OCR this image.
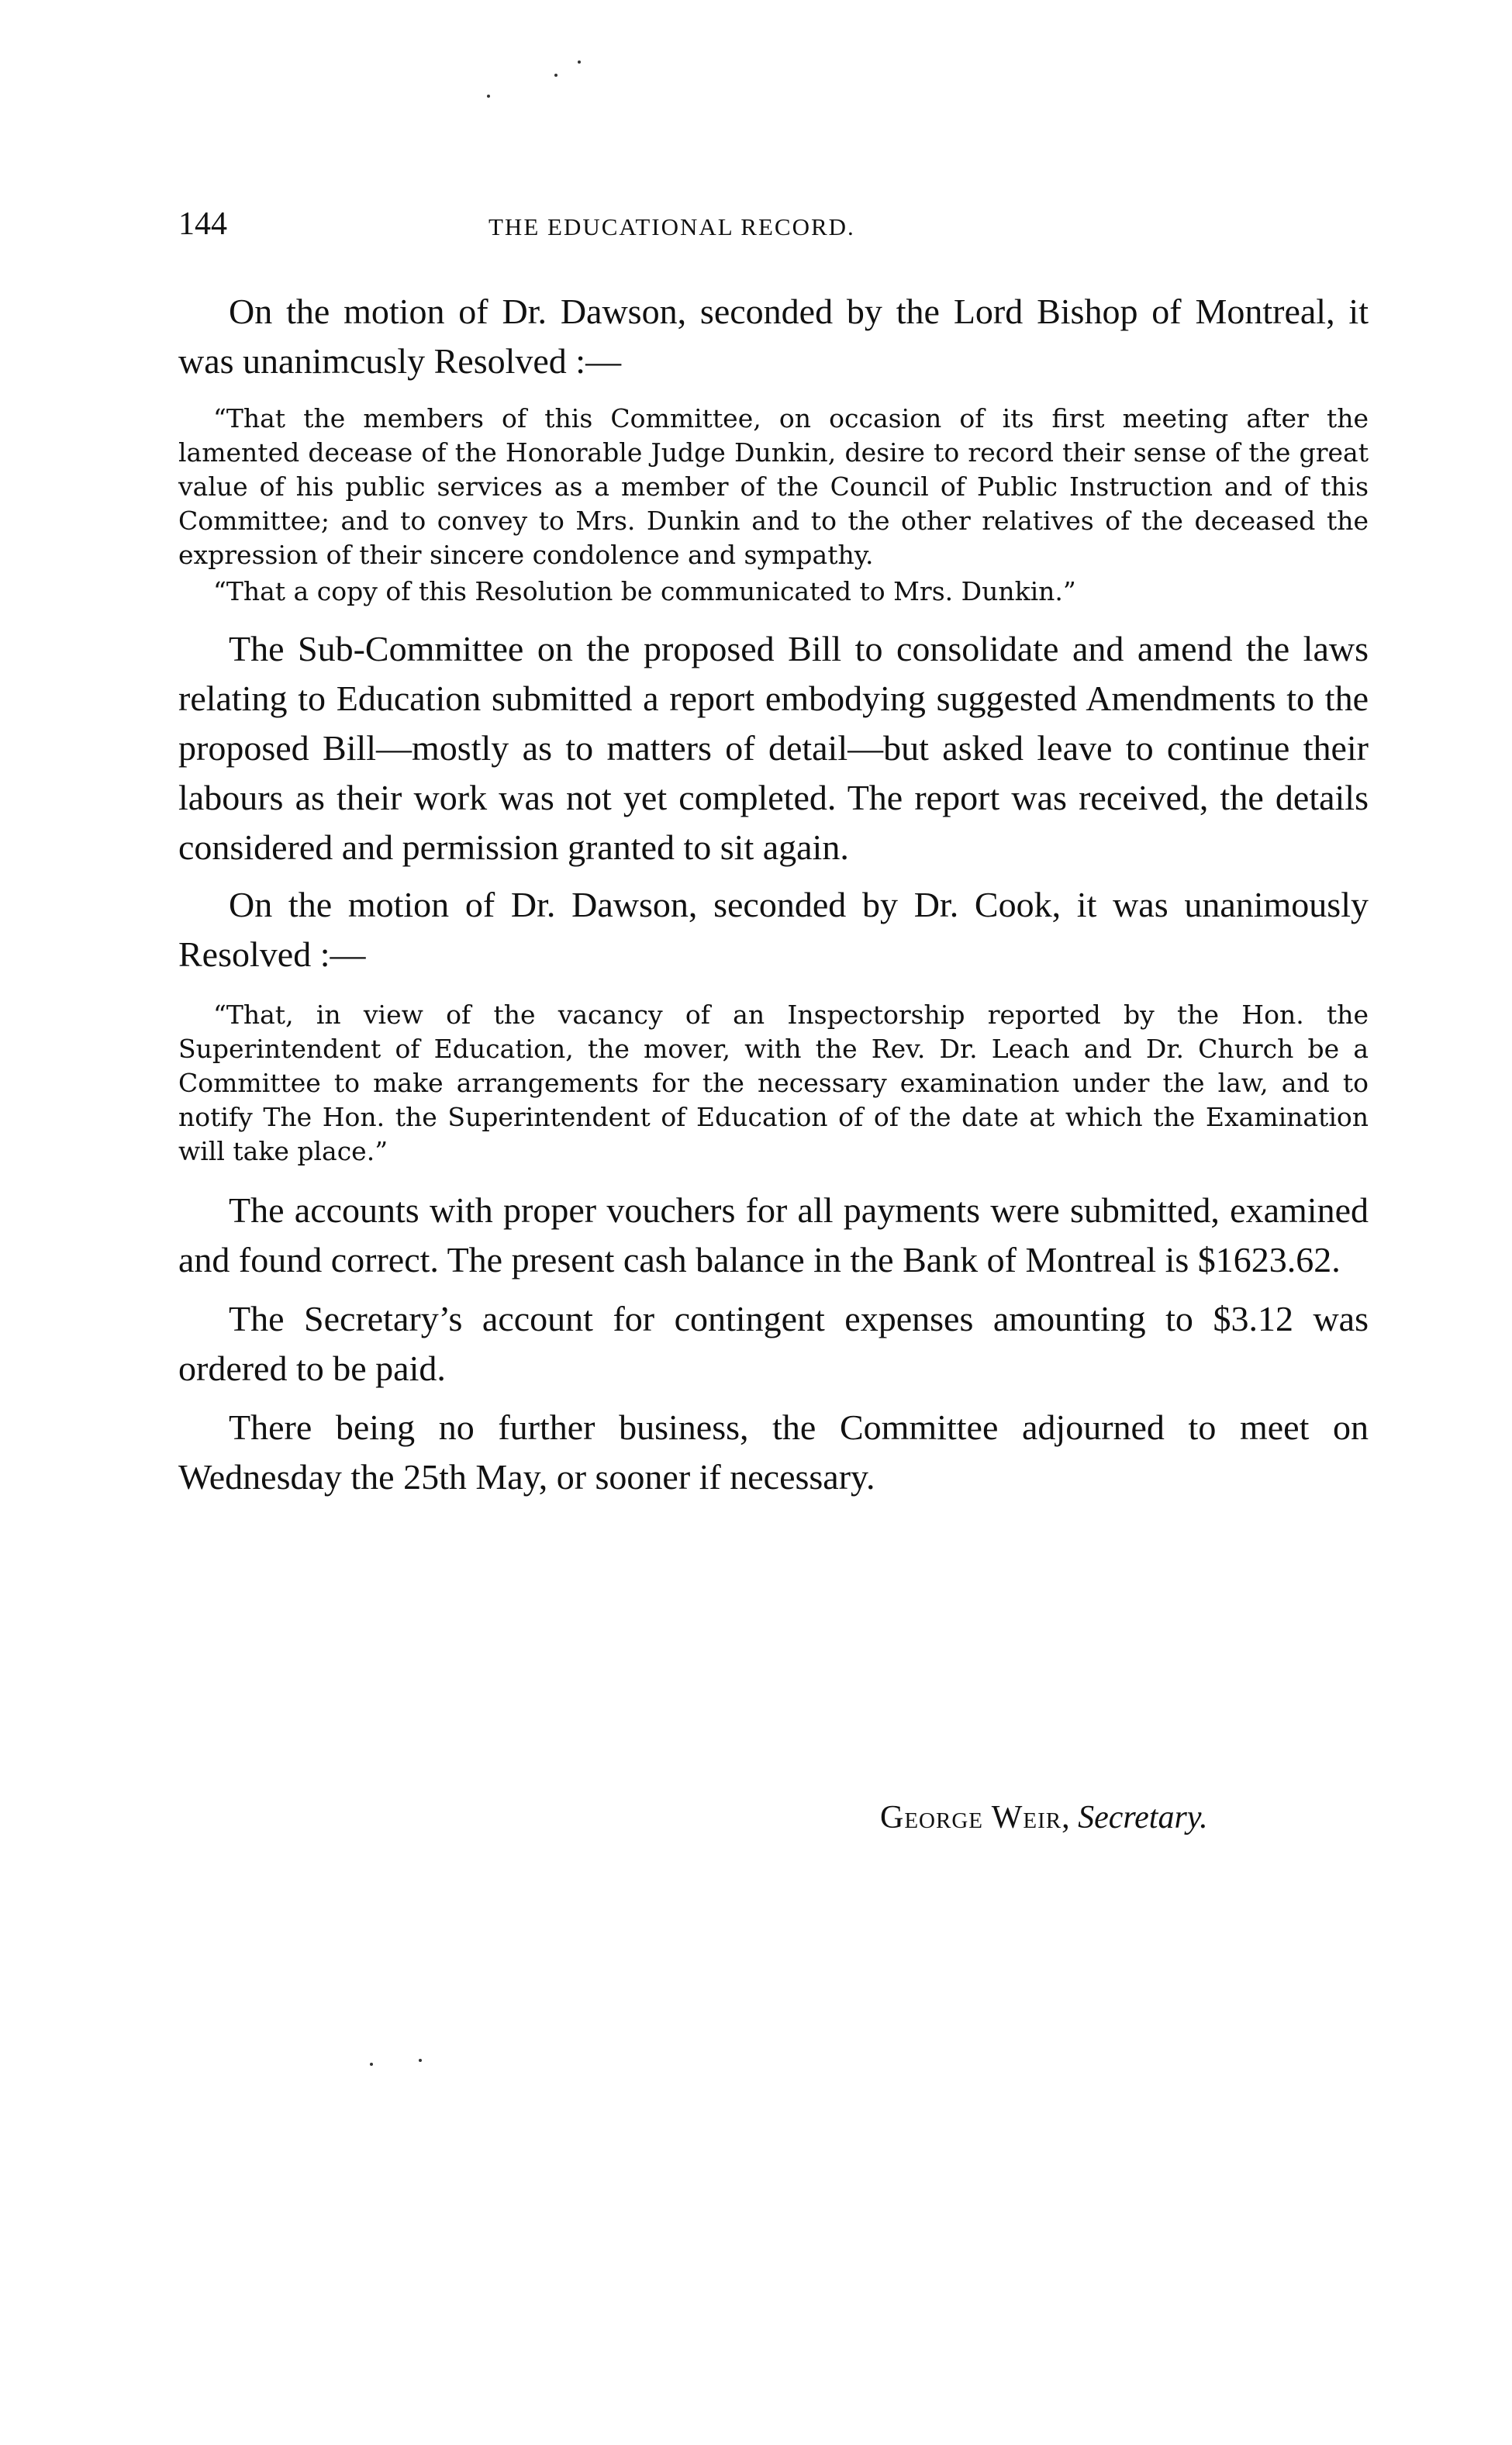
144	THE EDUCATIONAL RECORD.

On the motion of Dr. Dawson, seconded by the Lord Bishop of Montreal, it was unanimcusly Resolved :—

“That the members of this Committee, on occasion of its first meeting after the lamented decease of the Honorable Judge Dunkin, desire to record their sense of the great value of his public services as a member of the Council of Public Instruction and of this Committee; and to convey to Mrs. Dunkin and to the other relatives of the deceased the expression of their sincere condolence and sympathy.

“That a copy of this Resolution be communicated to Mrs. Dunkin.”

The Sub-Committee on the proposed Bill to consolidate and amend the laws relating to Education submitted a report embodying suggested Amendments to the proposed Bill—mostly as to matters of detail—but asked leave to continue their labours as their work was not yet completed. The report was received, the details considered and permission granted to sit again.

On the motion of Dr. Dawson, seconded by Dr. Cook, it was unanimously Resolved :—

“That, in view of the vacancy of an Inspectorship reported by the Hon. the Superintendent of Education, the mover, with the Rev. Dr. Leach and Dr. Church be a Committee to make arrangements for the necessary examination under the law, and to notify The Hon. the Superintendent of Education of of the date at which the Examination will take place.”

The accounts with proper vouchers for all payments were submitted, examined and found correct. The present cash balance in the Bank of Montreal is $1623.62.

The Secretary’s account for contingent expenses amounting to $3.12 was ordered to be paid.

There being no further business, the Committee adjourned to meet on Wednesday the 25th May, or sooner if necessary.

George Weir, Secretary.
